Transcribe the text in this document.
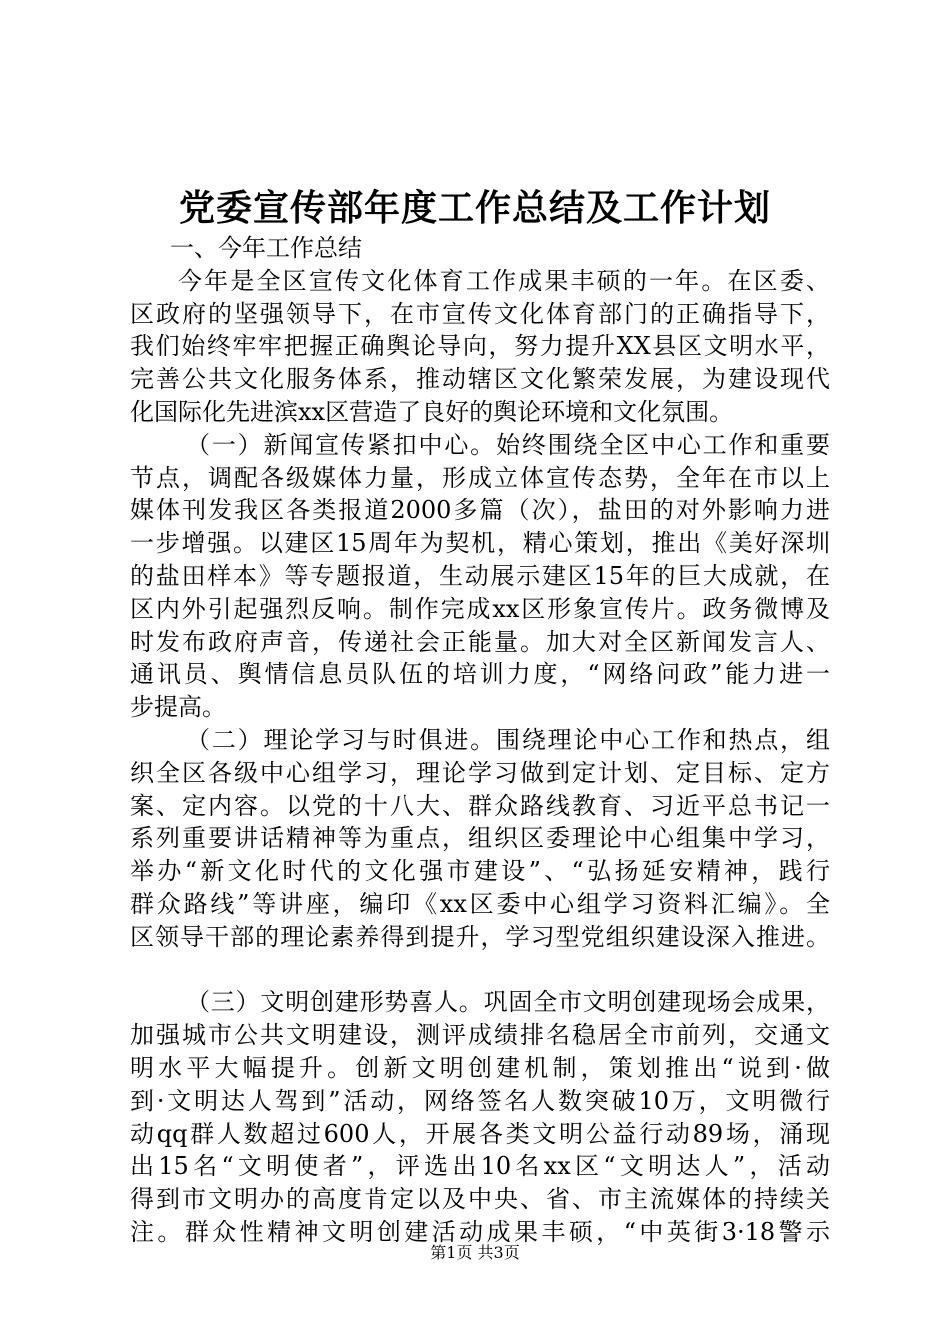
党委宣传部年度工作总结及工作计划
一、今年工作总结
今年是全区宣传文化体育工作成果丰硕的一年。在区委、
区政府的坚强领导下，在市宣传文化体育部门的正确指导下，
我们始终牢牢把握正确舆论导向，努力提升XX县区文明水平，
完善公共文化服务体系，推动辖区文化繁荣发展，为建设现代
化国际化先进滨xx区营造了良好的舆论环境和文化氛围。
（一）新闻宣传紧扣中心。始终围绕全区中心工作和重要
节点，调配各级媒体力量，形成立体宣传态势，全年在市以上
媒体刊发我区各类报道2000多篇（次），盐田的对外影响力进
一步增强。以建区15周年为契机，精心策划，推出《美好深圳
的盐田样本》等专题报道，生动展示建区15年的巨大成就，在
区内外引起强烈反响。制作完成xx区形象宣传片。政务微博及
时发布政府声音，传递社会正能量。加大对全区新闻发言人、
通讯员、舆情信息员队伍的培训力度，“网络问政”能力进一
步提高。
（二）理论学习与时俱进。围绕理论中心工作和热点，组
织全区各级中心组学习，理论学习做到定计划、定目标、定方
案、定内容。以党的十八大、群众路线教育、习近平总书记一
系列重要讲话精神等为重点，组织区委理论中心组集中学习，
举办“新文化时代的文化强市建设”、“弘扬延安精神，践行
群众路线”等讲座，编印《xx区委中心组学习资料汇编》。全
区领导干部的理论素养得到提升，学习型党组织建设深入推进。
（三）文明创建形势喜人。巩固全市文明创建现场会成果，
加强城市公共文明建设，测评成绩排名稳居全市前列，交通文
明水平大幅提升。创新文明创建机制，策划推出“说到·做
到·文明达人驾到”活动，网络签名人数突破10万，文明微行
动qq群人数超过600人，开展各类文明公益行动89场，涌现
出15名“文明使者”，评选出10名xx区“文明达人”，活动
得到市文明办的高度肯定以及中央、省、市主流媒体的持续关
注。群众性精神文明创建活动成果丰硕，“中英街3·18警示
第1页 共3页
